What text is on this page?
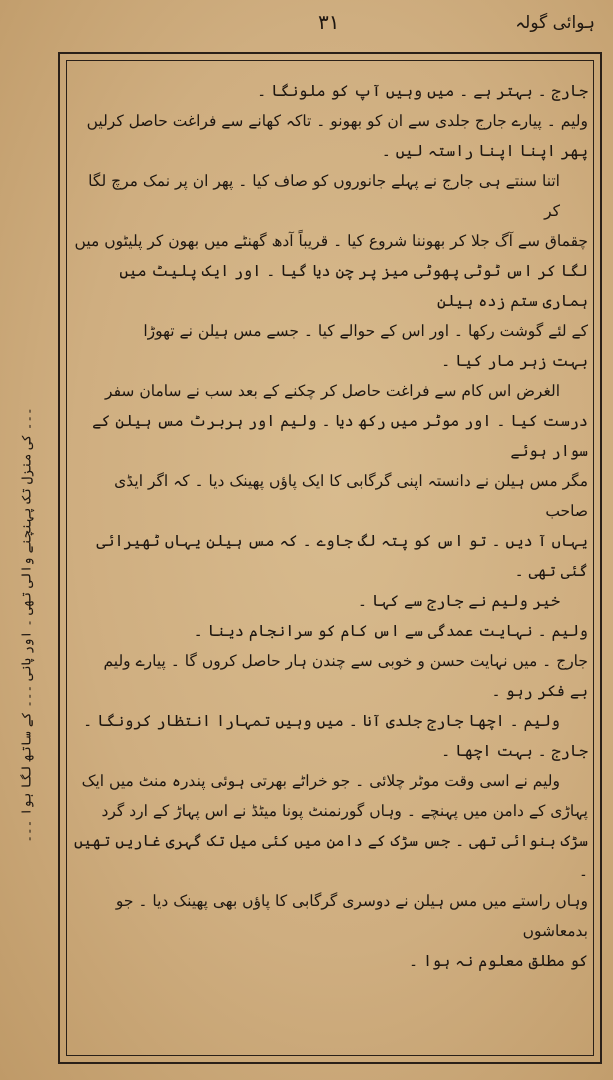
ہوائی گولہ
۳۱
۔۔۔ کی منزل تک پہنچنے والی تھی ۔ اور پانی ۔۔۔ کے ساتھ لگا ہوا ۔۔۔

جارج ۔ بہتر ہے ۔ میں وہیں آپ کو ملونگا ۔

ولیم ۔ پیارے جارج جلدی سے ان کو بھونو ۔ تاکہ کھانے سے فراغت حاصل کرلیں

پھر اپنا اپنا راستہ لیں ۔

اتنا سنتے ہی جارج نے پہلے جانوروں کو صاف کیا ۔ پھر ان پر نمک مرچ لگا کر

چقماق سے آگ جلا کر بھوننا شروع کیا ۔ قریباً آدھ گھنٹے میں بھون کر پلیٹوں میں

لگا کر اس ٹوٹی پھوٹی میز پر چن دیا گیا ۔ اور ایک پلیٹ میں ہماری ستم زدہ ہیلن

کے لئے گوشت رکھا ۔ اور اس کے حوالے کیا ۔ جسے مس ہیلن نے تھوڑا

بہت زہر مار کیا ۔

الغرض اس کام سے فراغت حاصل کر چکنے کے بعد سب نے سامان سفر

درست کیا ۔ اور موٹر میں رکھ دیا ۔ ولیم اور ہربرٹ مس ہیلن کے سوار ہوئے

مگر مس ہیلن نے دانستہ اپنی گرگابی کا ایک پاؤں پھینک دیا ۔ کہ اگر ایڈی صاحب

یہاں آ دیں ۔ تو اس کو پتہ لگ جاوے ۔ کہ مس ہیلن یہاں ٹھیرائی گئی تھی ۔

خیر ولیم نے جارج سے کہا ۔

ولیم ۔ نہایت عمدگی سے اس کام کو سرانجام دینا ۔

جارج ۔ میں نہایت حسن و خوبی سے چندن ہار حاصل کروں گا ۔ پیارے ولیم

بے فکر رہو ۔

ولیم ۔ اچھا جارج جلدی آنا ۔ میں وہیں تمہارا انتظار کرونگا ۔

جارج ۔ بہت اچھا ۔

ولیم نے اسی وقت موٹر چلائی ۔ جو خراٹے بھرتی ہوئی پندرہ منٹ میں ایک

پہاڑی کے دامن میں پہنچے ۔ وہاں گورنمنٹ پونا میٹڈ نے اس پہاڑ کے ارد گرد

سڑک بنوائی تھی ۔ جس سڑک کے دامن میں کئی میل تک گہری غاریں تھیں ۔

وہاں راستے میں مس ہیلن نے دوسری گرگابی کا پاؤں بھی پھینک دیا ۔ جو بدمعاشوں

کو مطلق معلوم نہ ہوا ۔
